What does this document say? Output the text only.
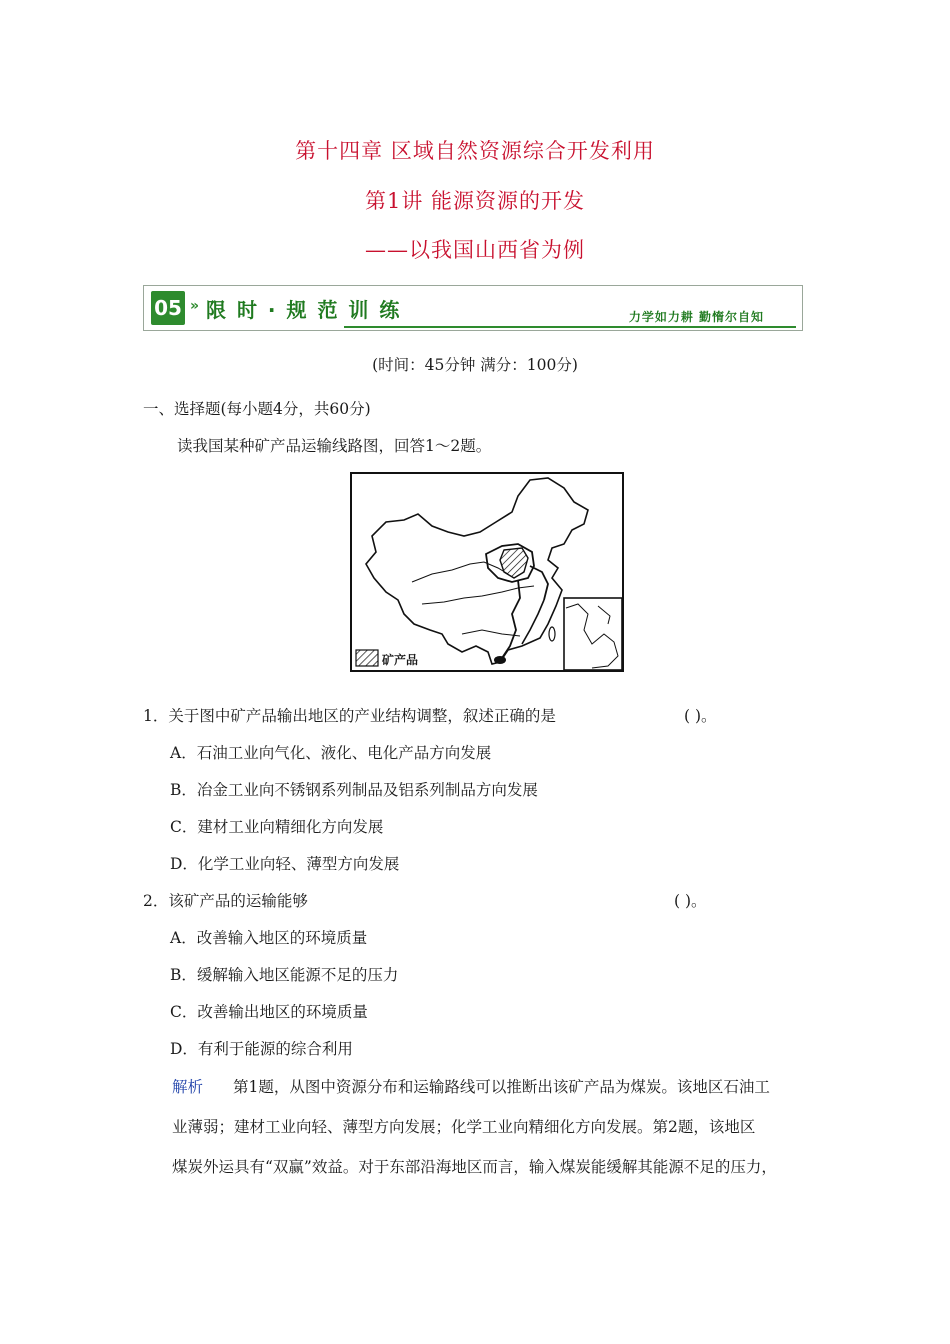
第十四章 区域自然资源综合开发利用
第1讲 能源资源的开发
——以我国山西省为例
05 » 限 时 · 规 范 训 练	力学如力耕 勤惰尔自知
(时间：45分钟 满分：100分)
一、选择题(每小题4分，共60分)
读我国某种矿产品运输线路图，回答1～2题。
矿产品
1．关于图中矿产品输出地区的产业结构调整，叙述正确的是	( )。
A．石油工业向气化、液化、电化产品方向发展
B．冶金工业向不锈钢系列制品及铝系列制品方向发展
C．建材工业向精细化方向发展
D．化学工业向轻、薄型方向发展
2．该矿产品的运输能够	( )。
A．改善输入地区的环境质量
B．缓解输入地区能源不足的压力
C．改善输出地区的环境质量
D．有利于能源的综合利用
解析 第1题，从图中资源分布和运输路线可以推断出该矿产品为煤炭。该地区石油工
业薄弱；建材工业向轻、薄型方向发展；化学工业向精细化方向发展。第2题，该地区
煤炭外运具有“双赢”效益。对于东部沿海地区而言，输入煤炭能缓解其能源不足的压力，
